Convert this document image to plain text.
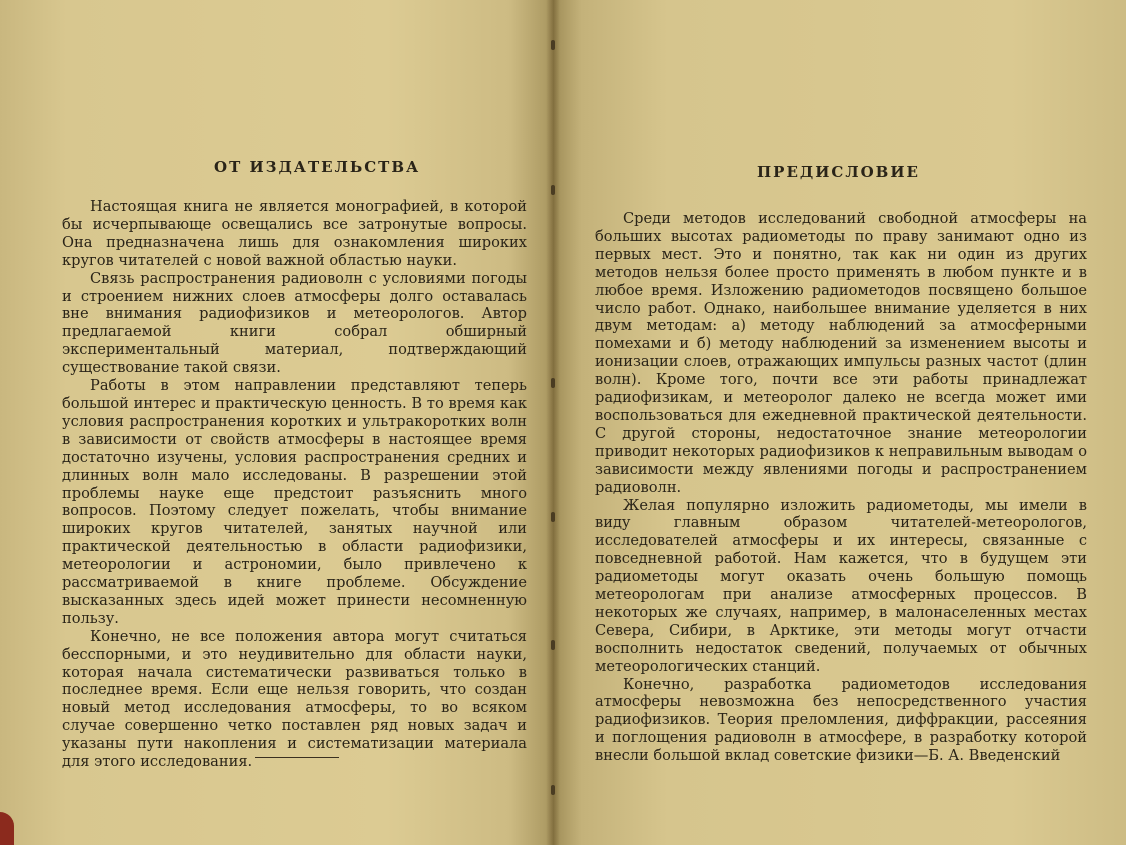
ОТ ИЗДАТЕЛЬСТВА

Настоящая книга не является монографией, в которой бы исчерпывающе освещались все затронутые вопросы. Она предназначена лишь для ознакомления широких кругов читателей с новой важной областью науки.

Связь распространения радиоволн с условиями погоды и строением нижних слоев атмосферы долго оставалась вне внимания радиофизиков и метеорологов. Автор предлагаемой книги собрал обширный экспериментальный материал, подтверждающий существование такой связи.

Работы в этом направлении представляют теперь большой интерес и практическую ценность. В то время как условия распространения коротких и ультракоротких волн в зависимости от свойств атмосферы в настоящее время достаточно изучены, условия распространения средних и длинных волн мало исследованы. В разрешении этой проблемы науке еще предстоит разъяснить много вопросов. Поэтому следует пожелать, чтобы внимание широких кругов читателей, занятых научной или практической деятельностью в области радиофизики, метеорологии и астрономии, было привлечено к рассматриваемой в книге проблеме. Обсуждение высказанных здесь идей может принести несомненную пользу.

Конечно, не все положения автора могут считаться бесспорными, и это неудивительно для области науки, которая начала систематически развиваться только в последнее время. Если еще нельзя говорить, что создан новый метод исследования атмосферы, то во всяком случае совершенно четко поставлен ряд новых задач и указаны пути накопления и систематизации материала для этого исследования.

ПРЕДИСЛОВИЕ

Среди методов исследований свободной атмосферы на больших высотах радиометоды по праву занимают одно из первых мест. Это и понятно, так как ни один из других методов нельзя более просто применять в любом пункте и в любое время. Изложению радиометодов посвящено большое число работ. Однако, наибольшее внимание уделяется в них двум методам: а) методу наблюдений за атмосферными помехами и б) методу наблюдений за изменением высоты и ионизации слоев, отражающих импульсы разных частот (длин волн). Кроме того, почти все эти работы принадлежат радиофизикам, и метеоролог далеко не всегда может ими воспользоваться для ежедневной практической деятельности. С другой стороны, недостаточное знание метеорологии приводит некоторых радиофизиков к неправильным выводам о зависимости между явлениями погоды и распространением радиоволн.

Желая популярно изложить радиометоды, мы имели в виду главным образом читателей-метеорологов, исследователей атмосферы и их интересы, связанные с повседневной работой. Нам кажется, что в будущем эти радиометоды могут оказать очень большую помощь метеорологам при анализе атмосферных процессов. В некоторых же случаях, например, в малонаселенных местах Севера, Сибири, в Арктике, эти методы могут отчасти восполнить недостаток сведений, получаемых от обычных метеорологических станций.

Конечно, разработка радиометодов исследования атмосферы невозможна без непосредственного участия радиофизиков. Теория преломления, диффракции, рассеяния и поглощения радиоволн в атмосфере, в разработку которой внесли большой вклад советские физики—Б. А. Введенский
